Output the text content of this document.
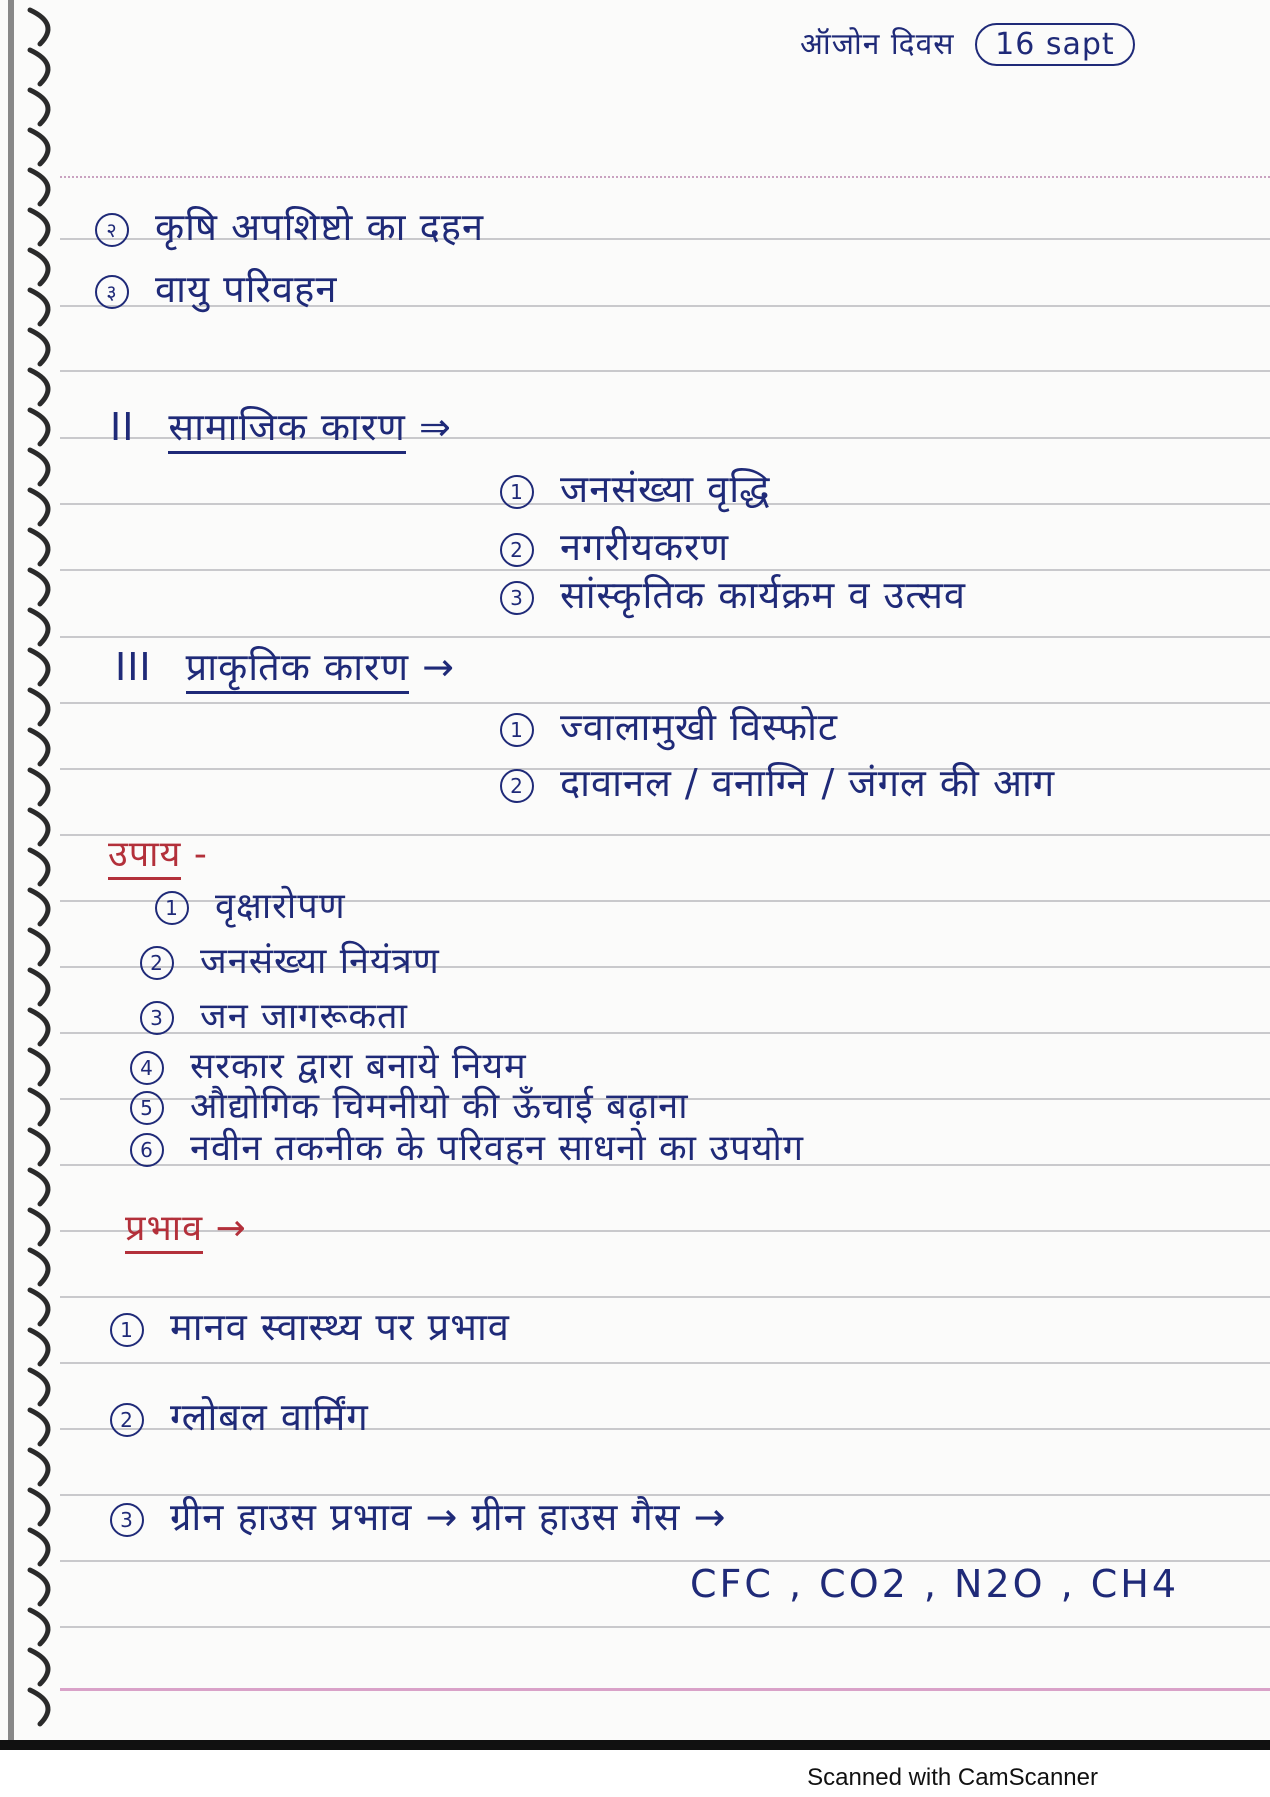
ऑजोन दिवस 16 sapt
२ कृषि अपशिष्टो का दहन
३ वायु परिवहन
II सामाजिक कारण ⇒
1 जनसंख्या वृद्धि
2 नगरीयकरण
3 सांस्कृतिक कार्यक्रम व उत्सव
III प्राकृतिक कारण →
1 ज्वालामुखी विस्फोट
2 दावानल / वनाग्नि / जंगल की आग
उपाय -
1 वृक्षारोपण
2 जनसंख्या नियंत्रण
3 जन जागरूकता
4 सरकार द्वारा बनाये नियम
5 औद्योगिक चिमनीयो की ऊँचाई बढ़ाना
6 नवीन तकनीक के परिवहन साधनो का उपयोग
प्रभाव →
1 मानव स्वास्थ्य पर प्रभाव
2 ग्लोबल वार्मिंग
3 ग्रीन हाउस प्रभाव → ग्रीन हाउस गैस →
CFC , CO2 , N2O , CH4
Scanned with CamScanner
